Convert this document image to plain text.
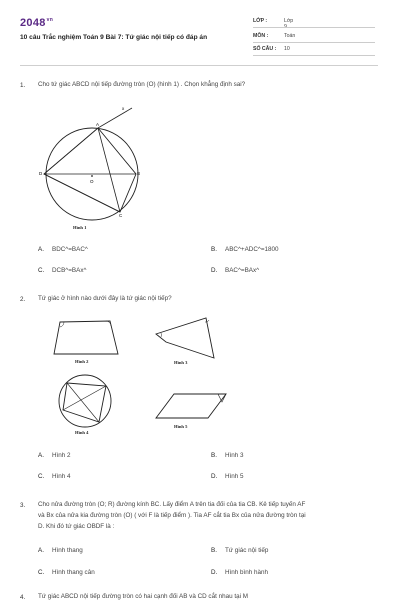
$2048^{vn}$
10 câu Trắc nghiệm Toán 9 Bài 7: Tứ giác nội tiếp có đáp án
LỚP :	Lớp 9
MÔN :	Toán
SỐ CÂU :	10
1. Cho tứ giác ABCD nội tiếp đường tròn (O) (hình 1) . Chọn khẳng định sai?
x
A
B
C
D
O
Hình 1
A. BDC^=BAC^	B. ABC^+ADC^=1800
C. DCB^=BAx^	D. BAC^=BAx^
2. Tứ giác ở hình nào dưới đây là tứ giác nội tiếp?
Hình 2	Hình 3
Hình 4
Hình 5
A. Hình 2	B. Hình 3
C. Hình 4	D. Hình 5
3. Cho nửa đường tròn (O; R) đường kính BC. Lấy điểm A trên tia đối của tia CB. Kẻ tiếp tuyến AF
và Bx của nửa kia đường tròn (O) ( với F là tiếp điểm ). Tia AF cắt tia Bx của nửa đường tròn tại
D. Khi đó tứ giác OBDF là :
A. Hình thang	B. Tứ giác nội tiếp
C. Hình thang cân	D. Hình bình hành
4. Tứ giác ABCD nội tiếp đường tròn có hai cạnh đối AB và CD cắt nhau tại M
